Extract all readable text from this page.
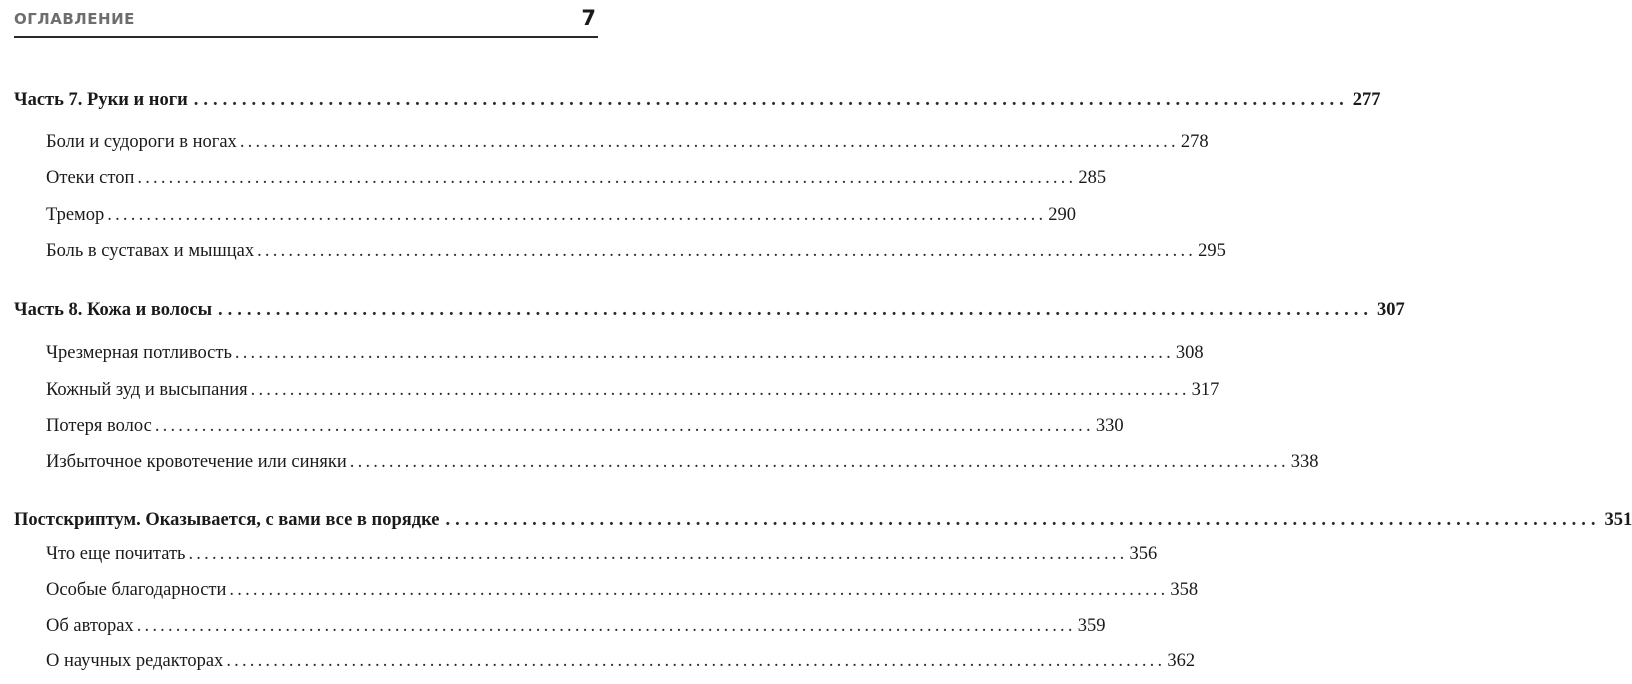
ОГЛАВЛЕНИЕ	7
Часть 7. Руки и ноги ........................................................................................................................ 277
Боли и судороги в ногах ........................................................................................................................ 278
Отеки стоп ........................................................................................................................ 285
Тремор ........................................................................................................................ 290
Боль в суставах и мышцах ........................................................................................................................ 295
Часть 8. Кожа и волосы ........................................................................................................................ 307
Чрезмерная потливость ........................................................................................................................ 308
Кожный зуд и высыпания ........................................................................................................................ 317
Потеря волос ........................................................................................................................ 330
Избыточное кровотечение или синяки ........................................................................................................................ 338
Постскриптум. Оказывается, с вами все в порядке ........................................................................................................................ 351
Что еще почитать ........................................................................................................................ 356
Особые благодарности ........................................................................................................................ 358
Об авторах ........................................................................................................................ 359
О научных редакторах ........................................................................................................................ 362
